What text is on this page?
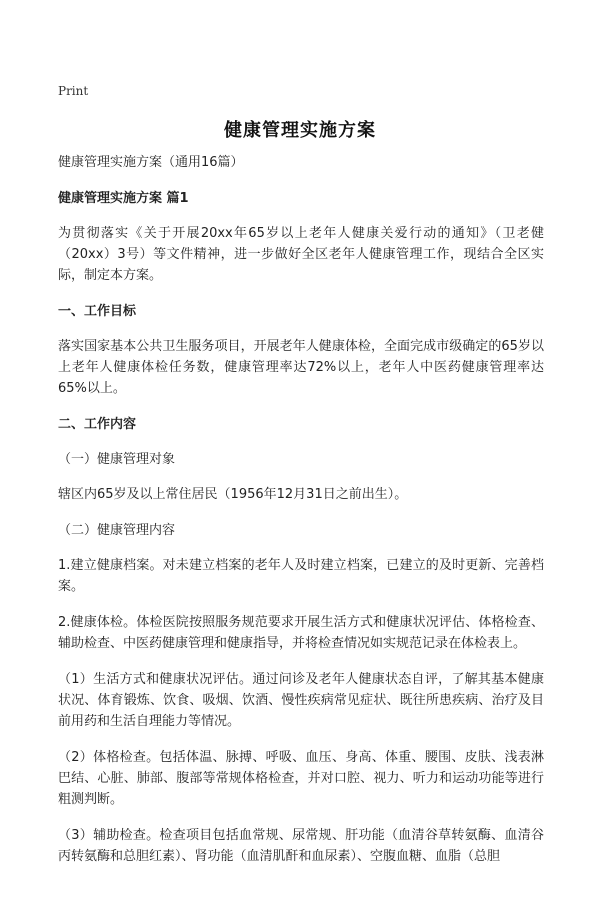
Print
健康管理实施方案

健康管理实施方案（通用16篇）

健康管理实施方案 篇1

为贯彻落实《关于开展20xx年65岁以上老年人健康关爱行动的通知》（卫老健（20xx）3号）等文件精神，进一步做好全区老年人健康管理工作，现结合全区实际，制定本方案。

一、工作目标

落实国家基本公共卫生服务项目，开展老年人健康体检，全面完成市级确定的65岁以上老年人健康体检任务数，健康管理率达72%以上，老年人中医药健康管理率达65%以上。

二、工作内容

（一）健康管理对象

辖区内65岁及以上常住居民（1956年12月31日之前出生）。

（二）健康管理内容

1.建立健康档案。对未建立档案的老年人及时建立档案，已建立的及时更新、完善档案。

2.健康体检。体检医院按照服务规范要求开展生活方式和健康状况评估、体格检查、辅助检查、中医药健康管理和健康指导，并将检查情况如实规范记录在体检表上。

（1）生活方式和健康状况评估。通过问诊及老年人健康状态自评，了解其基本健康状况、体育锻炼、饮食、吸烟、饮酒、慢性疾病常见症状、既往所患疾病、治疗及目前用药和生活自理能力等情况。

（2）体格检查。包括体温、脉搏、呼吸、血压、身高、体重、腰围、皮肤、浅表淋巴结、心脏、肺部、腹部等常规体格检查，并对口腔、视力、听力和运动功能等进行粗测判断。

（3）辅助检查。检查项目包括血常规、尿常规、肝功能（血清谷草转氨酶、血清谷丙转氨酶和总胆红素）、肾功能（血清肌酐和血尿素）、空腹血糖、血脂（总胆
